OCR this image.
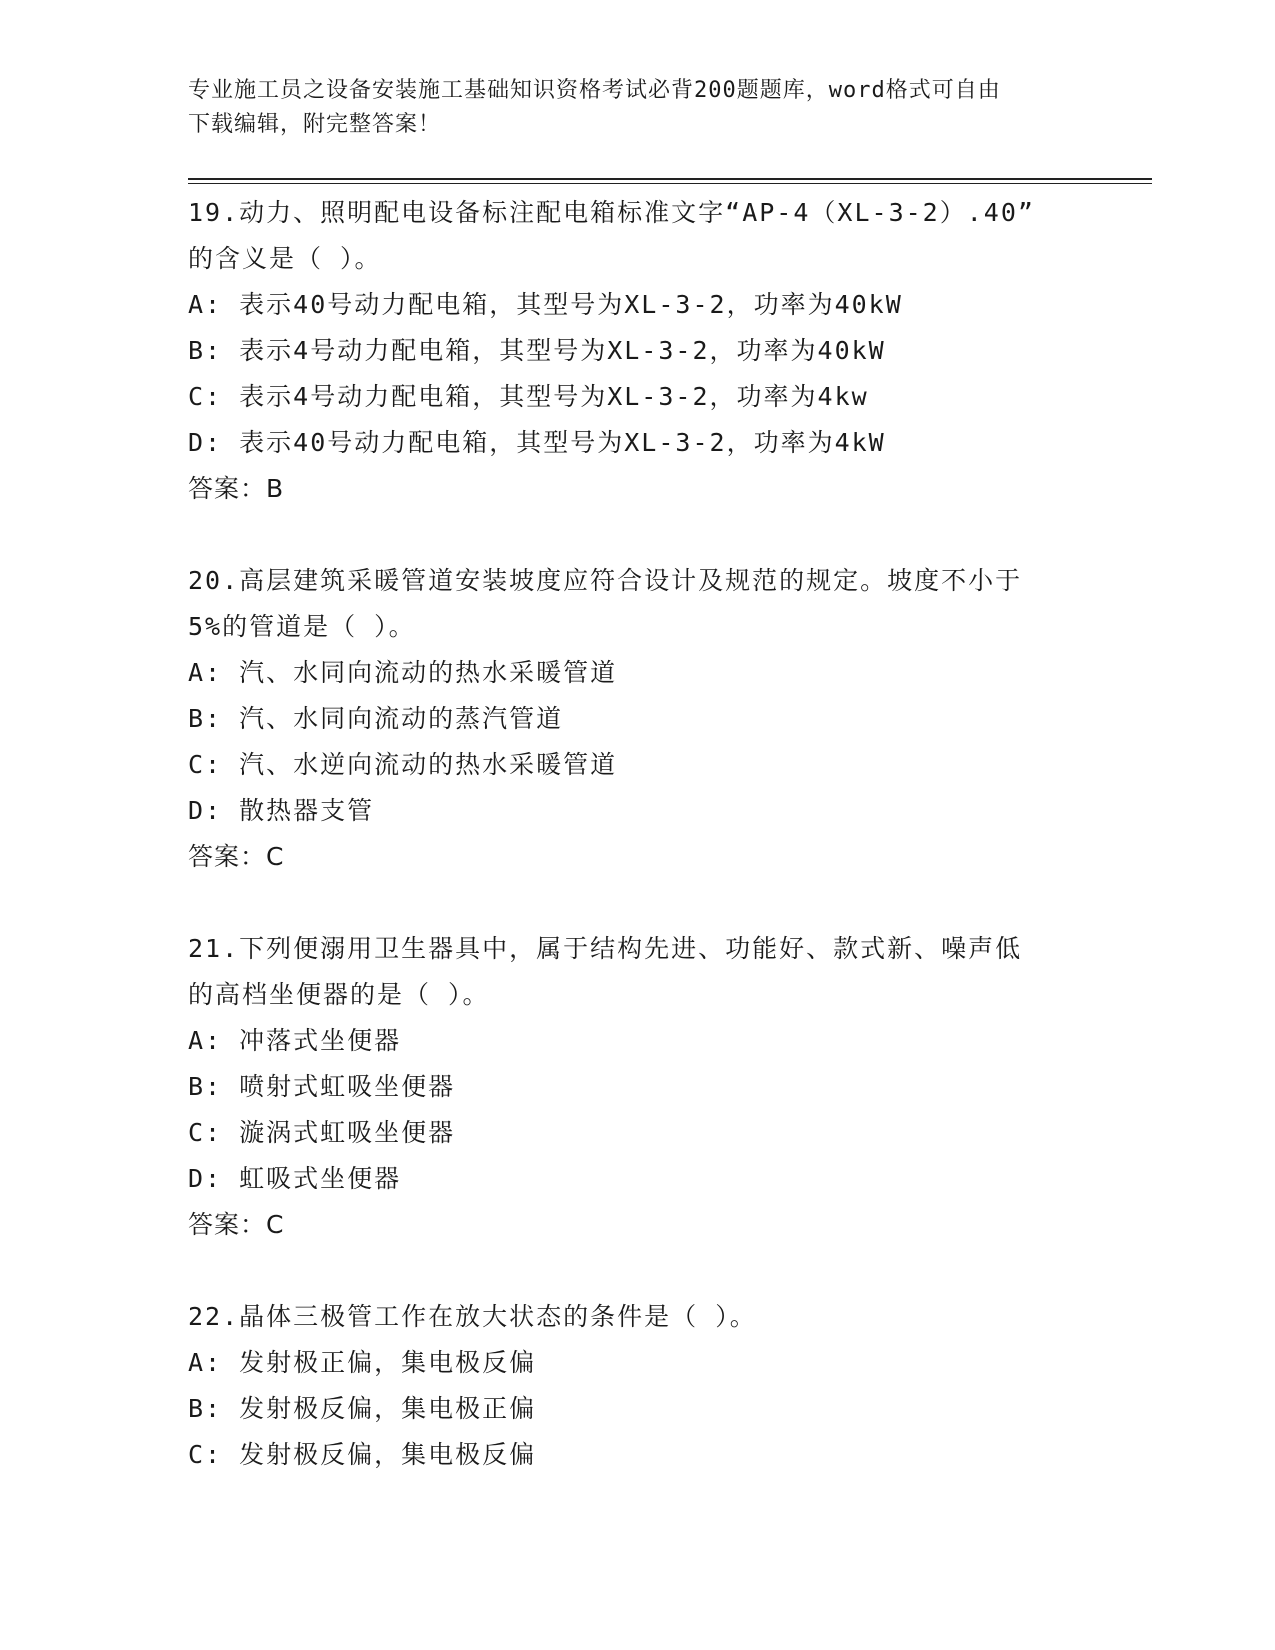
专业施工员之设备安装施工基础知识资格考试必背200题题库，word格式可自由
下载编辑，附完整答案！
19.动力、照明配电设备标注配电箱标准文字“AP-4（XL-3-2）.40”
的含义是（ ）。
A: 表示40号动力配电箱，其型号为XL-3-2，功率为40kW
B: 表示4号动力配电箱，其型号为XL-3-2，功率为40kW
C: 表示4号动力配电箱，其型号为XL-3-2，功率为4kw
D: 表示40号动力配电箱，其型号为XL-3-2，功率为4kW
答案：B
20.高层建筑采暖管道安装坡度应符合设计及规范的规定。坡度不小于
5%的管道是（ ）。
A: 汽、水同向流动的热水采暖管道
B: 汽、水同向流动的蒸汽管道
C: 汽、水逆向流动的热水采暖管道
D: 散热器支管
答案：C
21.下列便溺用卫生器具中，属于结构先进、功能好、款式新、噪声低
的高档坐便器的是（ ）。
A: 冲落式坐便器
B: 喷射式虹吸坐便器
C: 漩涡式虹吸坐便器
D: 虹吸式坐便器
答案：C
22.晶体三极管工作在放大状态的条件是（ ）。
A: 发射极正偏，集电极反偏
B: 发射极反偏，集电极正偏
C: 发射极反偏，集电极反偏
